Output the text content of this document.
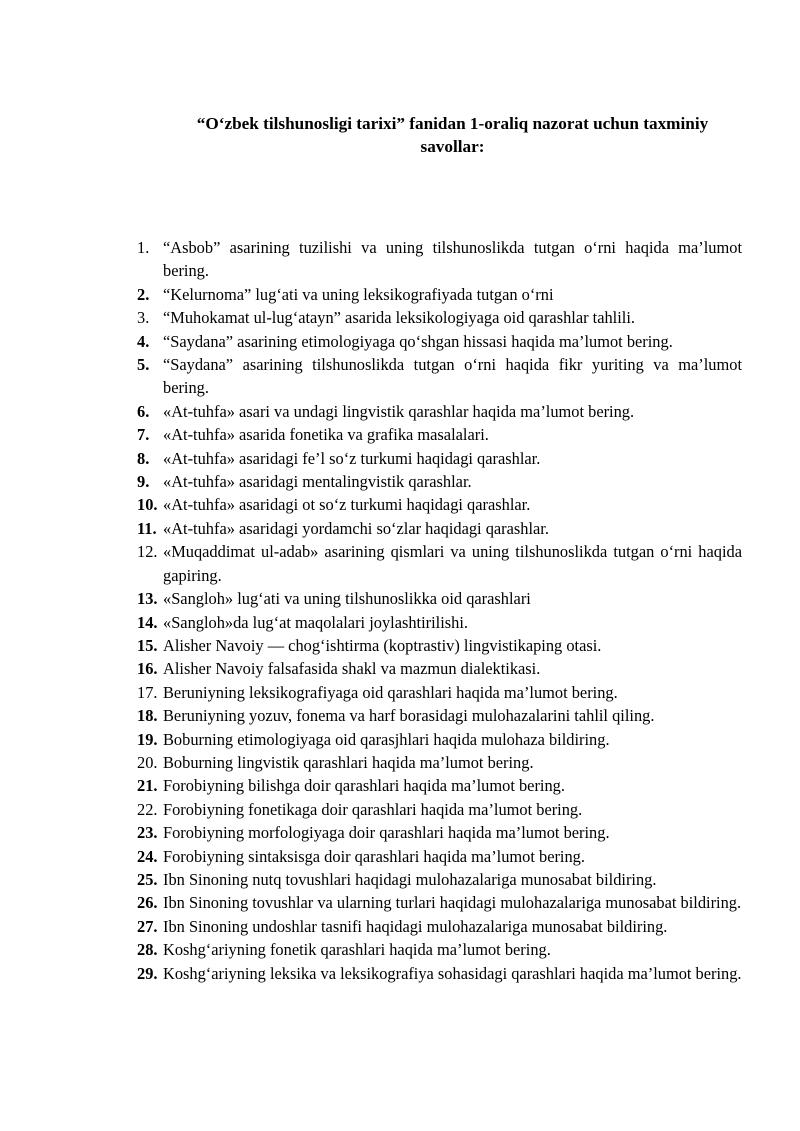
“O‘zbek tilshunosligi tarixi” fanidan 1-oraliq nazorat uchun taxminiy savollar:
1. “Asbob” asarining tuzilishi va uning tilshunoslikda tutgan o‘rni haqida ma’lumot bering.
2. “Kelurnoma” lug‘ati va uning leksikografiyada tutgan o‘rni
3. “Muhokamat ul-lug‘atayn” asarida leksikologiyaga oid qarashlar tahlili.
4. “Saydana” asarining etimologiyaga qo‘shgan hissasi haqida ma’lumot bering.
5. “Saydana” asarining tilshunoslikda tutgan o‘rni haqida fikr yuriting va ma’lumot bering.
6. «At-tuhfa» asari va undagi lingvistik qarashlar haqida ma’lumot bering.
7. «At-tuhfa» asarida fonetika va grafika masalalari.
8. «At-tuhfa» asaridagi fe’l so‘z turkumi haqidagi qarashlar.
9. «At-tuhfa» asaridagi mentalingvistik qarashlar.
10. «At-tuhfa» asaridagi ot so‘z turkumi haqidagi qarashlar.
11. «At-tuhfa» asaridagi yordamchi so‘zlar haqidagi qarashlar.
12. «Muqaddimat ul-adab» asarining qismlari va uning tilshunoslikda tutgan o‘rni haqida gapiring.
13. «Sangloh» lug‘ati va uning tilshunoslikka oid qarashlari
14. «Sangloh»da lug‘at maqolalari joylashtirilishi.
15. Alisher Navoiy — chog‘ishtirma (koptrastiv) lingvistikaping otasi.
16. Alisher Navoiy falsafasida shakl va mazmun dialektikasi.
17. Beruniyning leksikografiyaga oid qarashlari haqida ma’lumot bering.
18. Beruniyning yozuv, fonema va harf borasidagi mulohazalarini tahlil qiling.
19. Boburning etimologiyaga oid qarasjhlari haqida mulohaza bildiring.
20. Boburning lingvistik qarashlari haqida ma’lumot bering.
21. Forobiyning bilishga doir qarashlari haqida ma’lumot bering.
22. Forobiyning fonetikaga doir qarashlari haqida ma’lumot bering.
23. Forobiyning morfologiyaga doir qarashlari haqida ma’lumot bering.
24. Forobiyning sintaksisga doir qarashlari haqida ma’lumot bering.
25. Ibn Sinoning nutq tovushlari haqidagi mulohazalariga munosabat bildiring.
26. Ibn Sinoning tovushlar va ularning turlari haqidagi mulohazalariga munosabat bildiring.
27. Ibn Sinoning undoshlar tasnifi haqidagi mulohazalariga munosabat bildiring.
28. Koshg‘ariyning fonetik qarashlari haqida ma’lumot bering.
29. Koshg‘ariyning leksika va leksikografiya sohasidagi qarashlari haqida ma’lumot bering.
